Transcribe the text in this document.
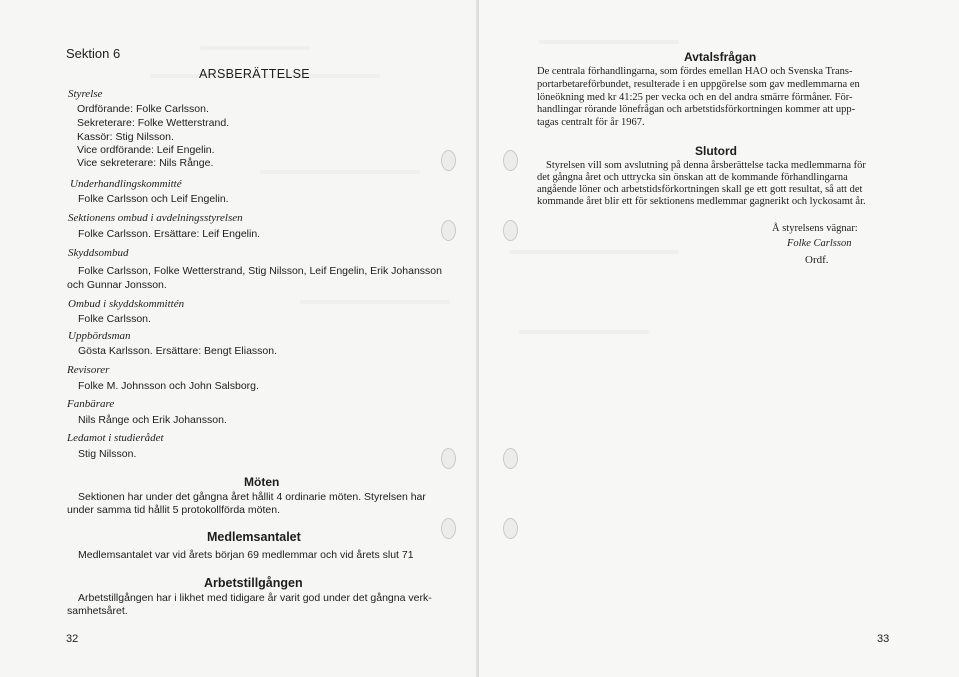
Sektion 6
ARSBERÄTTELSE
Styrelse
Ordförande: Folke Carlsson.
Sekreterare: Folke Wetterstrand.
Kassör: Stig Nilsson.
Vice ordförande: Leif Engelin.
Vice sekreterare: Nils Rånge.
Underhandlingskommitté
Folke Carlsson och Leif Engelin.
Sektionens ombud i avdelningsstyrelsen
Folke Carlsson. Ersättare: Leif Engelin.
Skyddsombud
Folke Carlsson, Folke Wetterstrand, Stig Nilsson, Leif Engelin, Erik Johansson
och Gunnar Jonsson.
Ombud i skyddskommittén
Folke Carlsson.
Uppbördsman
Gösta Karlsson. Ersättare: Bengt Eliasson.
Revisorer
Folke M. Johnsson och John Salsborg.
Fanbärare
Nils Rånge och Erik Johansson.
Ledamot i studierådet
Stig Nilsson.
Möten
Sektionen har under det gångna året hållit 4 ordinarie möten. Styrelsen har
under samma tid hållit 5 protokollförda möten.
Medlemsantalet
Medlemsantalet var vid årets början 69 medlemmar och vid årets slut 71
Arbetstillgången
Arbetstillgången har i likhet med tidigare år varit god under det gångna verk-
samhetsåret.
32
Avtalsfrågan
De centrala förhandlingarna, som fördes emellan HAO och Svenska Trans-
portarbetareförbundet, resulterade i en uppgörelse som gav medlemmarna en
löneökning med kr 41:25 per vecka och en del andra smärre förmåner. För-
handlingar rörande lönefrågan och arbetstidsförkortningen kommer att upp-
tagas centralt för år 1967.
Slutord
Styrelsen vill som avslutning på denna årsberättelse tacka medlemmarna för
det gångna året och uttrycka sin önskan att de kommande förhandlingarna
angående löner och arbetstidsförkortningen skall ge ett gott resultat, så att det
kommande året blir ett för sektionens medlemmar gagnerikt och lyckosamt år.
Å styrelsens vägnar:
Folke Carlsson
Ordf.
33
